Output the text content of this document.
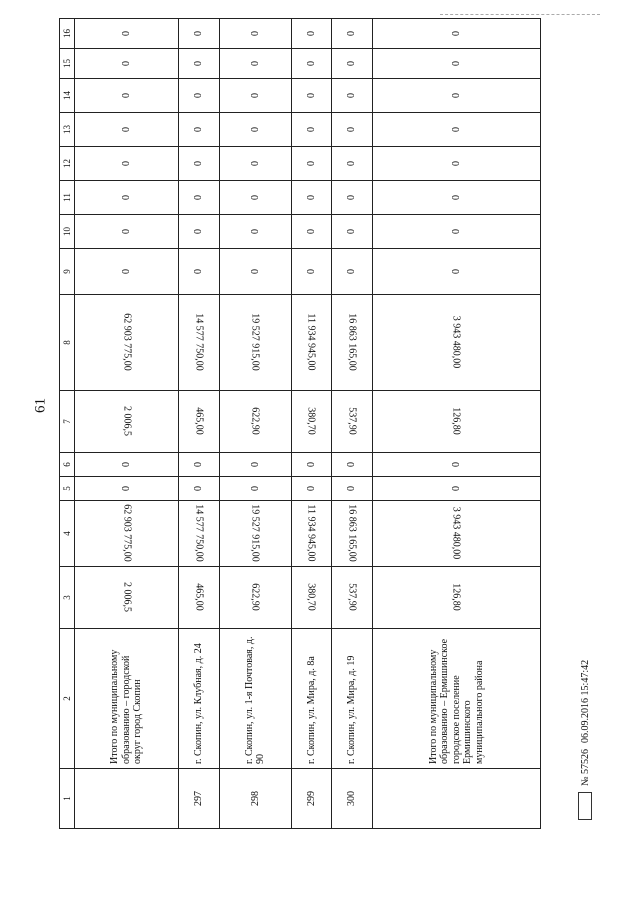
61
1	2	3	4	5	6	7	8	9	10	11	12	13	14	15	16
	Итого по муниципальному образованию – городской округ город Скопин	2 006,5	62 903 775,00	0	0	2 006,5	62 903 775,00	0	0	0	0	0	0	0	0
297	г. Скопин, ул. Клубная, д. 24	465,00	14 577 750,00	0	0	465,00	14 577 750,00	0	0	0	0	0	0	0	0
298	г. Скопин, ул. 1-я Почтовая, д. 90	622,90	19 527 915,00	0	0	622,90	19 527 915,00	0	0	0	0	0	0	0	0
299	г. Скопин, ул. Мира, д. 8а	380,70	11 934 945,00	0	0	380,70	11 934 945,00	0	0	0	0	0	0	0	0
300	г. Скопин, ул. Мира, д. 19	537,90	16 863 165,00	0	0	537,90	16 863 165,00	0	0	0	0	0	0	0	0
	Итого по муниципальному образованию – Ермишинское городское поселение Ермишинского муниципального района	126,80	3 943 480,00	0	0	126,80	3 943 480,00	0	0	0	0	0	0	0	0
№ 57526
06.09.2016 15:47:42
